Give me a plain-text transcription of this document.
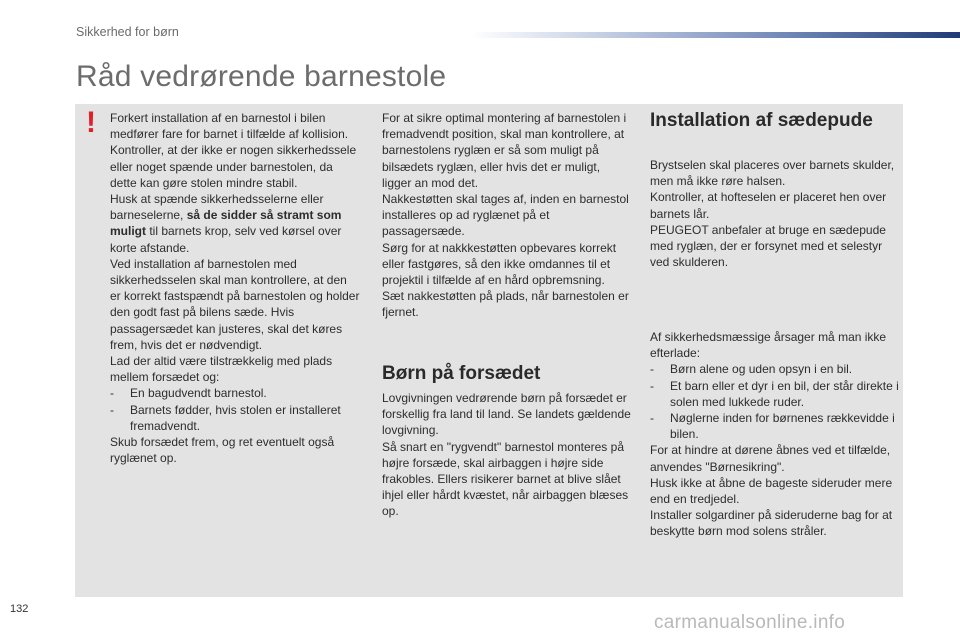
Sikkerhed for børn
Råd vedrørende barnestole
! Forkert installation af en barnestol i bilen medfører fare for barnet i tilfælde af kollision.

Kontroller, at der ikke er nogen sikkerhedssele eller noget spænde under barnestolen, da dette kan gøre stolen mindre stabil.

Husk at spænde sikkerhedsselerne eller barneselerne, så de sidder så stramt som muligt til barnets krop, selv ved kørsel over korte afstande.

Ved installation af barnestolen med sikkerhedsselen skal man kontrollere, at den er korrekt fastspændt på barnestolen og holder den godt fast på bilens sæde. Hvis passagersædet kan justeres, skal det køres frem, hvis det er nødvendigt.

Lad der altid være tilstrækkelig med plads mellem forsædet og:

-	En bagudvendt barnestol.
-	Barnets fødder, hvis stolen er installeret fremadvendt.

Skub forsædet frem, og ret eventuelt også ryglænet op.

For at sikre optimal montering af barnestolen i fremadvendt position, skal man kontrollere, at barnestolens ryglæn er så som muligt på bilsædets ryglæn, eller hvis det er muligt, ligger an mod det.

Nakkestøtten skal tages af, inden en barnestol installeres op ad ryglænet på et passagersæde.

Sørg for at nakkkestøtten opbevares korrekt eller fastgøres, så den ikke omdannes til et projektil i tilfælde af en hård opbremsning.

Sæt nakkestøtten på plads, når barnestolen er fjernet.

Børn på forsædet

Lovgivningen vedrørende børn på forsædet er forskellig fra land til land. Se landets gældende lovgivning.

Så snart en "rygvendt" barnestol monteres på højre forsæde, skal airbaggen i højre side frakobles. Ellers risikerer barnet at blive slået ihjel eller hårdt kvæstet, når airbaggen blæses op.

Installation af sædepude

Brystselen skal placeres over barnets skulder, men må ikke røre halsen.

Kontroller, at hofteselen er placeret hen over barnets lår.

PEUGEOT anbefaler at bruge en sædepude med ryglæn, der er forsynet med et selestyr ved skulderen.

Af sikkerhedsmæssige årsager må man ikke efterlade:

-	Børn alene og uden opsyn i en bil.
-	Et barn eller et dyr i en bil, der står direkte i solen med lukkede ruder.
-	Nøglerne inden for børnenes rækkevidde i bilen.

For at hindre at dørene åbnes ved et tilfælde, anvendes "Børnesikring".

Husk ikke at åbne de bageste sideruder mere end en tredjedel.

Installer solgardiner på sideruderne bag for at beskytte børn mod solens stråler.

132
carmanualsonline.info
